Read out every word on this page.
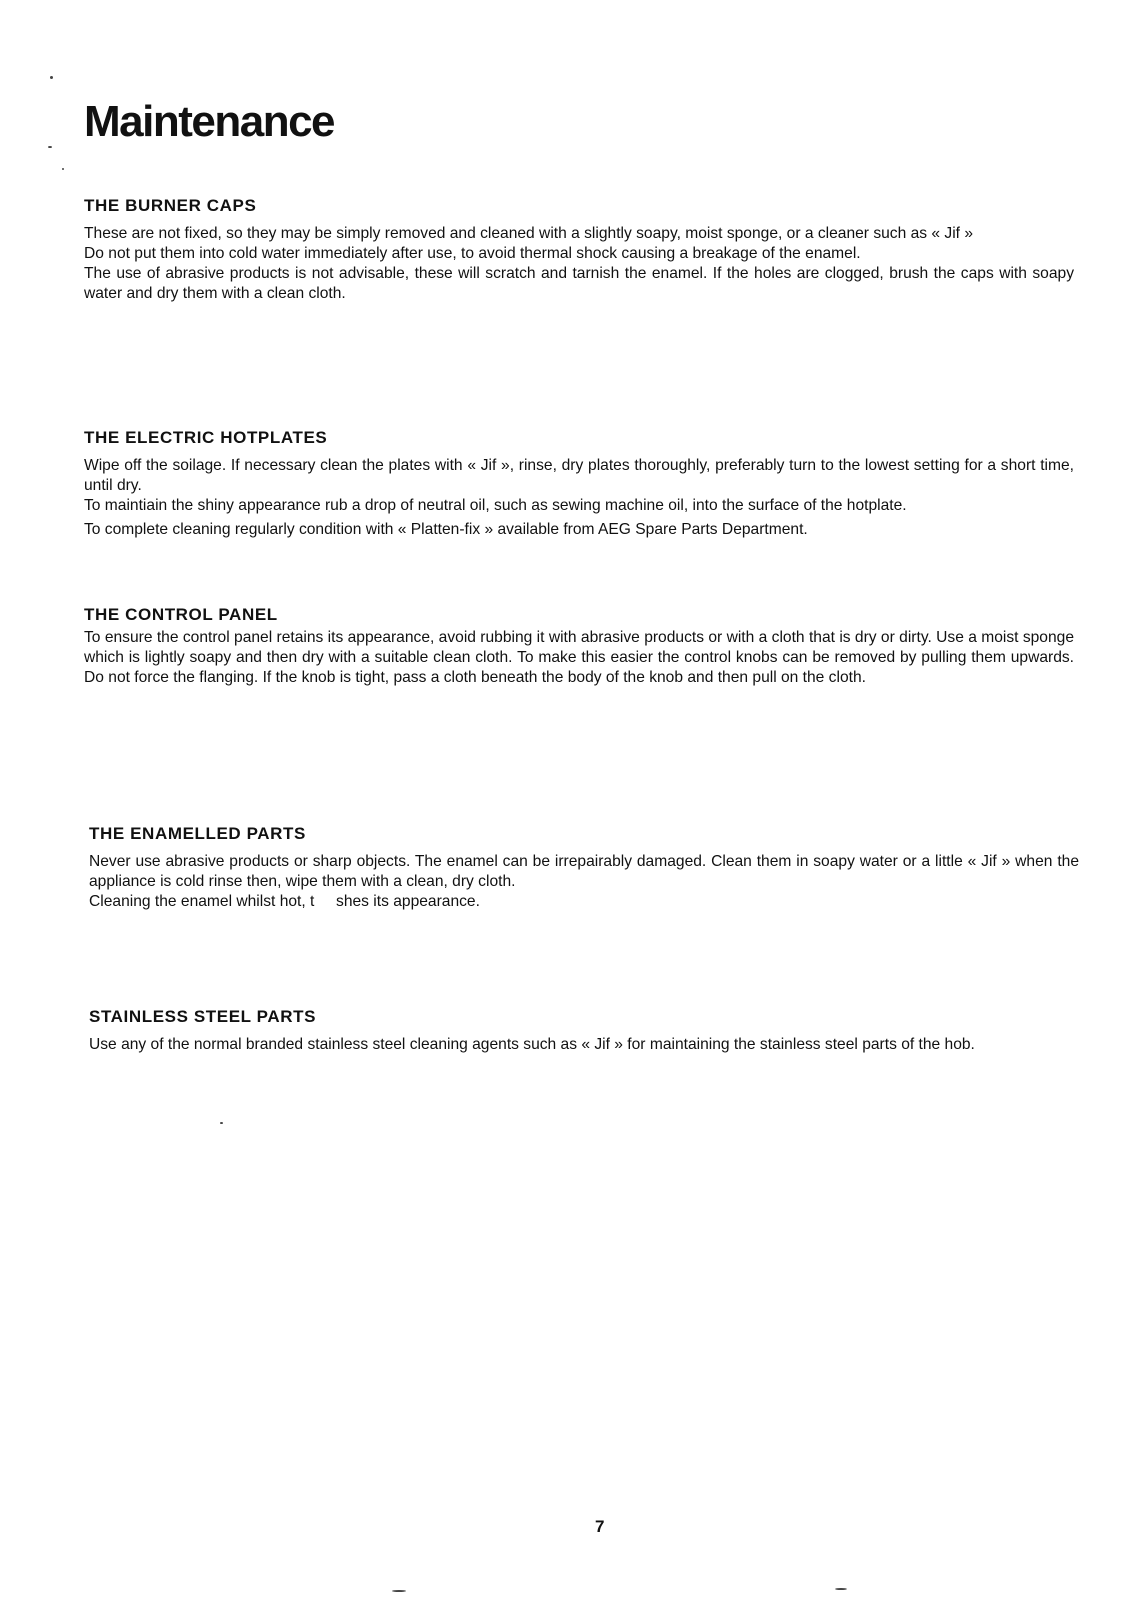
Maintenance
THE BURNER CAPS

These are not fixed, so they may be simply removed and cleaned with a slightly soapy, moist sponge, or a cleaner such as « Jif »

Do not put them into cold water immediately after use, to avoid thermal shock causing a breakage of the enamel.

The use of abrasive products is not advisable, these will scratch and tarnish the enamel. If the holes are clogged, brush the caps with soapy water and dry them with a clean cloth.

THE ELECTRIC HOTPLATES

Wipe off the soilage. If necessary clean the plates with « Jif », rinse, dry plates thoroughly, preferably turn to the lowest setting for a short time, until dry.

To maintiain the shiny appearance rub a drop of neutral oil, such as sewing machine oil, into the surface of the hotplate.

To complete cleaning regularly condition with « Platten-fix » available from AEG Spare Parts Department.

THE CONTROL PANEL

To ensure the control panel retains its appearance, avoid rubbing it with abrasive products or with a cloth that is dry or dirty. Use a moist sponge which is lightly soapy and then dry with a suitable clean cloth. To make this easier the control knobs can be removed by pulling them upwards. Do not force the flanging. If the knob is tight, pass a cloth beneath the body of the knob and then pull on the cloth.

THE ENAMELLED PARTS

Never use abrasive products or sharp objects. The enamel can be irrepairably damaged. Clean them in soapy water or a little « Jif » when the appliance is cold rinse then, wipe them with a clean, dry cloth.

Cleaning the enamel whilst hot, t     shes its appearance.

STAINLESS STEEL PARTS

Use any of the normal branded stainless steel cleaning agents such as « Jif » for maintaining the stainless steel parts of the hob.

7
